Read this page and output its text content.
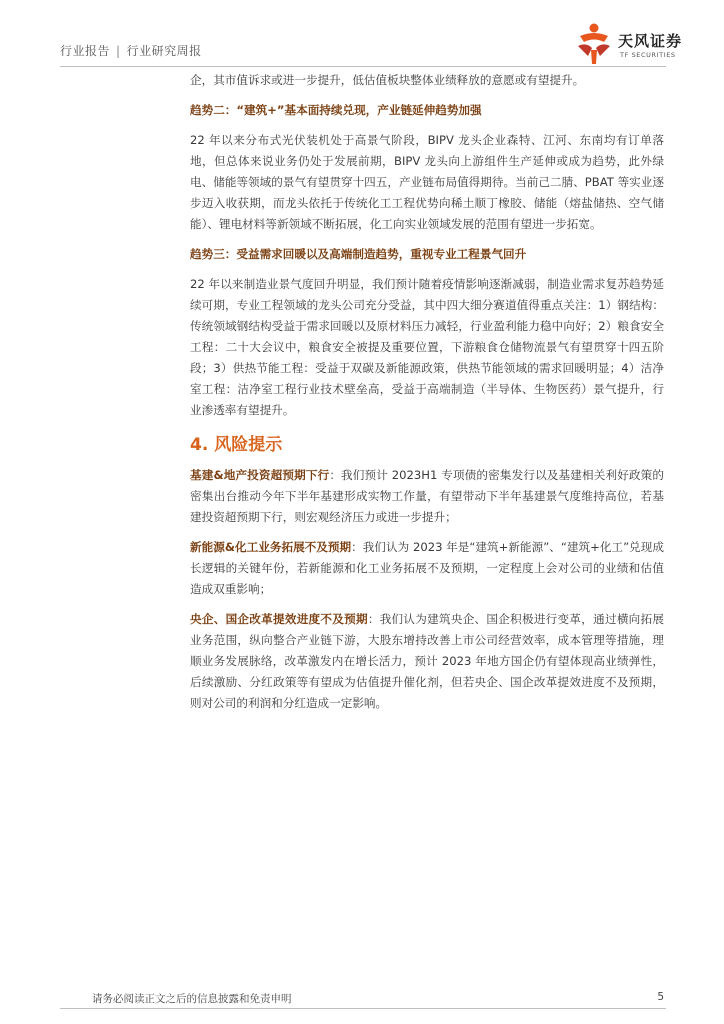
行业报告 | 行业研究周报
天风证券
TF SECURITIES

企，其市值诉求或进一步提升，低估值板块整体业绩释放的意愿或有望提升。

趋势二：“建筑+”基本面持续兑现，产业链延伸趋势加强

22 年以来分布式光伏装机处于高景气阶段，BIPV 龙头企业森特、江河、东南均有订单落地，但总体来说业务仍处于发展前期，BIPV 龙头向上游组件生产延伸或成为趋势，此外绿电、储能等领域的景气有望贯穿十四五，产业链布局值得期待。当前己二腈、PBAT 等实业逐步迈入收获期，而龙头依托于传统化工工程优势向稀土顺丁橡胶、储能（熔盐储热、空气储能）、锂电材料等新领域不断拓展，化工向实业领域发展的范围有望进一步拓宽。

趋势三：受益需求回暖以及高端制造趋势，重视专业工程景气回升

22 年以来制造业景气度回升明显，我们预计随着疫情影响逐渐减弱，制造业需求复苏趋势延续可期，专业工程领域的龙头公司充分受益，其中四大细分赛道值得重点关注：1）钢结构：传统领域钢结构受益于需求回暖以及原材料压力减轻，行业盈利能力稳中向好；2）粮食安全工程：二十大会议中，粮食安全被提及重要位置，下游粮食仓储物流景气有望贯穿十四五阶段；3）供热节能工程：受益于双碳及新能源政策，供热节能领域的需求回暖明显；4）洁净室工程：洁净室工程行业技术壁垒高，受益于高端制造（半导体、生物医药）景气提升，行业渗透率有望提升。

4. 风险提示

基建&地产投资超预期下行：我们预计 2023H1 专项债的密集发行以及基建相关利好政策的密集出台推动今年下半年基建形成实物工作量，有望带动下半年基建景气度维持高位，若基建投资超预期下行，则宏观经济压力或进一步提升；

新能源&化工业务拓展不及预期：我们认为 2023 年是“建筑+新能源”、“建筑+化工”兑现成长逻辑的关键年份，若新能源和化工业务拓展不及预期，一定程度上会对公司的业绩和估值造成双重影响；

央企、国企改革提效进度不及预期：我们认为建筑央企、国企积极进行变革，通过横向拓展业务范围，纵向整合产业链下游，大股东增持改善上市公司经营效率，成本管理等措施，理顺业务发展脉络，改革激发内在增长活力，预计 2023 年地方国企仍有望体现高业绩弹性，后续激励、分红政策等有望成为估值提升催化剂，但若央企、国企改革提效进度不及预期，则对公司的利润和分红造成一定影响。

请务必阅读正文之后的信息披露和免责申明	5
